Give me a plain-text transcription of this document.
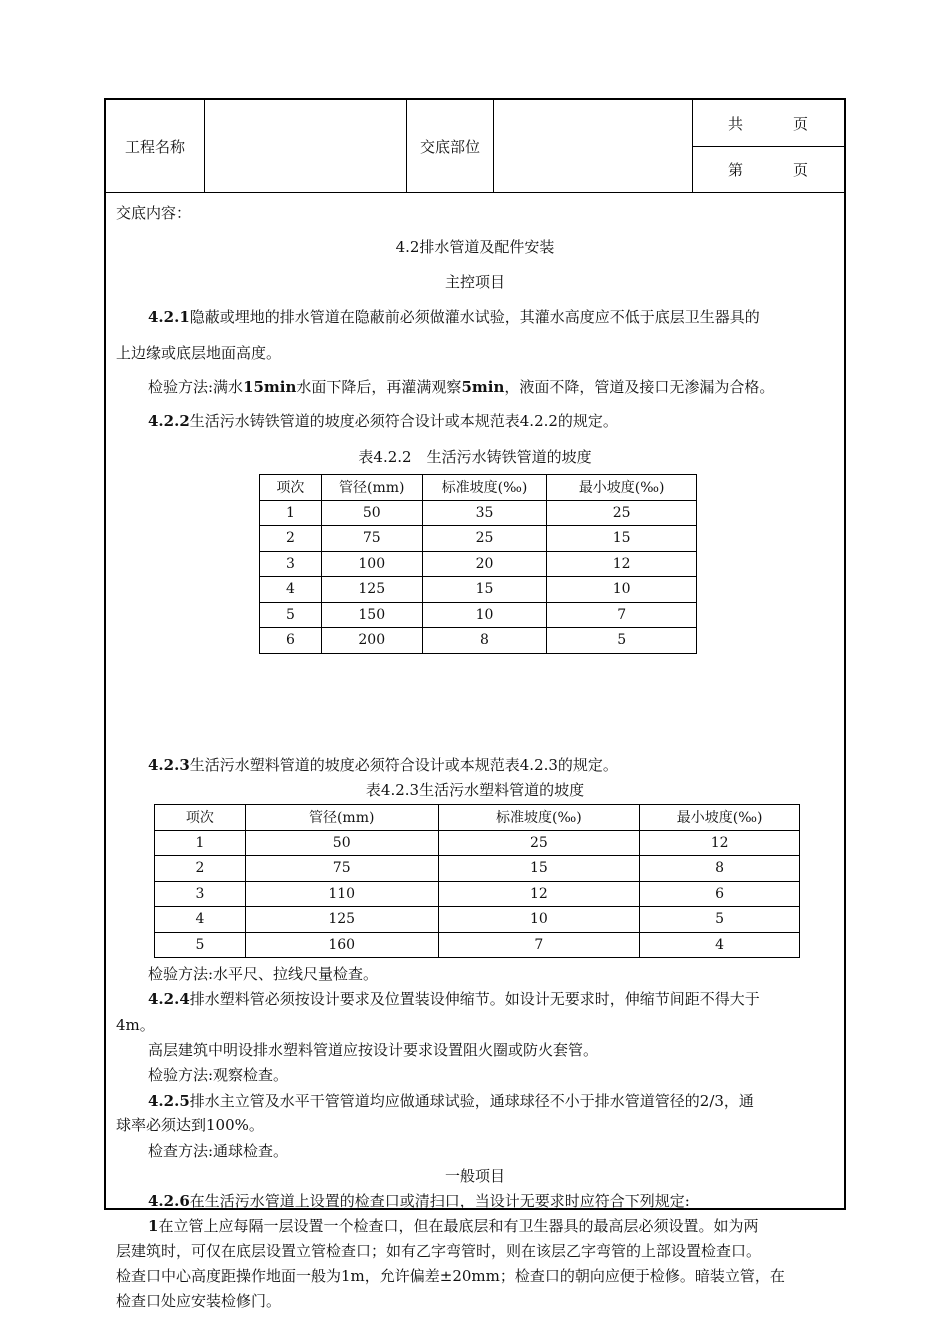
工程名称	交底部位
共	页
第	页
交底内容：
4.2排水管道及配件安装
主控项目
4.2.1隐蔽或埋地的排水管道在隐蔽前必须做灌水试验，其灌水高度应不低于底层卫生器具的
上边缘或底层地面高度。
检验方法:满水15min水面下降后，再灌满观察5min，液面不降，管道及接口无渗漏为合格。
4.2.2生活污水铸铁管道的坡度必须符合设计或本规范表4.2.2的规定。
表4.2.2　生活污水铸铁管道的坡度
项次	管径(mm)	标准坡度(‰)	最小坡度(‰)
1	50	35	25
2	75	25	15
3	100	20	12
4	125	15	10
5	150	10	7
6	200	8	5
4.2.3生活污水塑料管道的坡度必须符合设计或本规范表4.2.3的规定。
表4.2.3生活污水塑料管道的坡度
项次	管径(mm)	标准坡度(‰)	最小坡度(‰)
1	50	25	12
2	75	15	8
3	110	12	6
4	125	10	5
5	160	7	4
检验方法:水平尺、拉线尺量检查。
4.2.4排水塑料管必须按设计要求及位置装设伸缩节。如设计无要求时，伸缩节间距不得大于
4m。
高层建筑中明设排水塑料管道应按设计要求设置阻火圈或防火套管。
检验方法:观察检查。
4.2.5排水主立管及水平干管管道均应做通球试验，通球球径不小于排水管道管径的2/3，通
球率必须达到100%。
检查方法:通球检查。
一般项目
4.2.6在生活污水管道上设置的检查口或清扫口，当设计无要求时应符合下列规定:
1在立管上应每隔一层设置一个检查口，但在最底层和有卫生器具的最高层必须设置。如为两
层建筑时，可仅在底层设置立管检查口；如有乙字弯管时，则在该层乙字弯管的上部设置检查口。
检查口中心高度距操作地面一般为1m，允许偏差±20mm；检查口的朝向应便于检修。暗装立管，在
检查口处应安装检修门。
